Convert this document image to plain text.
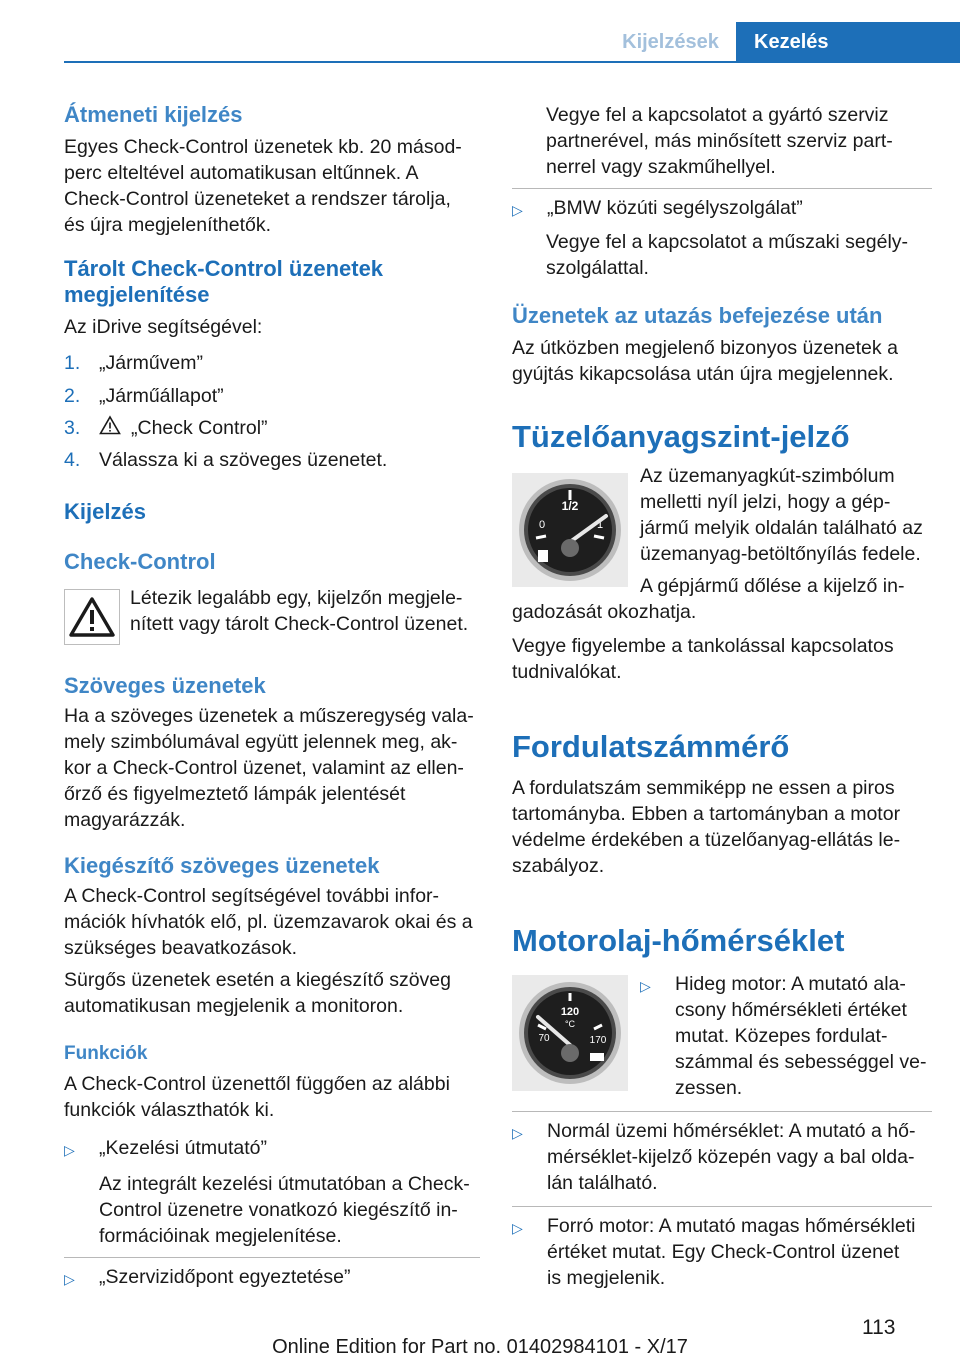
Kijelzések	Kezelés
Átmeneti kijelzés

Egyes Check-Control üzenetek kb. 20 másod‐

perc elteltével automatikusan eltűnnek. A

Check-Control üzeneteket a rendszer tárolja,

és újra megjeleníthetők.

Tárolt Check-Control üzenetek
megjelenítése

Az iDrive segítségével:

1. „Járművem”
2. „Járműállapot”
3.	„Check Control”
4. Válassza ki a szöveges üzenetet.
Kijelzés
Check-Control

Létezik legalább egy, kijelzőn megjele‐

nített vagy tárolt Check-Control üzenet.

Szöveges üzenetek

Ha a szöveges üzenetek a műszeregység vala‐

mely szimbólumával együtt jelennek meg, ak‐

kor a Check-Control üzenet, valamint az ellen‐

őrző és figyelmeztető lámpák jelentését

magyarázzák.

Kiegészítő szöveges üzenetek

A Check-Control segítségével további infor‐

mációk hívhatók elő, pl. üzemzavarok okai és a

szükséges beavatkozások.

Sürgős üzenetek esetén a kiegészítő szöveg

automatikusan megjelenik a monitoron.

Funkciók

A Check-Control üzenettől függően az alábbi

funkciók választhatók ki.

▷	„Kezelési útmutató”

Az integrált kezelési útmutatóban a Check-

Control üzenetre vonatkozó kiegészítő in‐

formációinak megjelenítése.

▷	„Szervizidőpont egyeztetése”

Vegye fel a kapcsolatot a gyártó szerviz

partnerével, más minősített szerviz part‐

nerrel vagy szakműhellyel.

▷	„BMW közúti segélyszolgálat”

Vegye fel a kapcsolatot a műszaki segély‐

szolgálattal.

Üzenetek az utazás befejezése után

Az útközben megjelenő bizonyos üzenetek a

gyújtás kikapcsolása után újra megjelennek.

Tüzelőanyagszint-jelző
1/2
0	1

Az üzemanyagkút-szimbólum

melletti nyíl jelzi, hogy a gép‐

jármű melyik oldalán található az

üzemanyag-betöltőnyílás fedele.

A gépjármű dőlése a kijelző in‐

gadozását okozhatja.

Vegye figyelembe a tankolással kapcsolatos

tudnivalókat.

Fordulatszámmérő

A fordulatszám semmiképp ne essen a piros

tartományba. Ebben a tartományban a motor

védelme érdekében a tüzelőanyag-ellátás le‐

szabályoz.

Motorolaj-hőmérséklet
120
°C
70	170
▷	Hideg motor: A mutató ala‐

csony hőmérsékleti értéket

mutat. Közepes fordulat‐

számmal és sebességgel ve‐

zessen.

▷	Normál üzemi hőmérséklet: A mutató a hő‐

mérséklet-kijelző közepén vagy a bal olda‐

lán található.

▷	Forró motor: A mutató magas hőmérsékleti

értéket mutat. Egy Check-Control üzenet

is megjelenik.

113
Online Edition for Part no. 01402984101 - X/17
